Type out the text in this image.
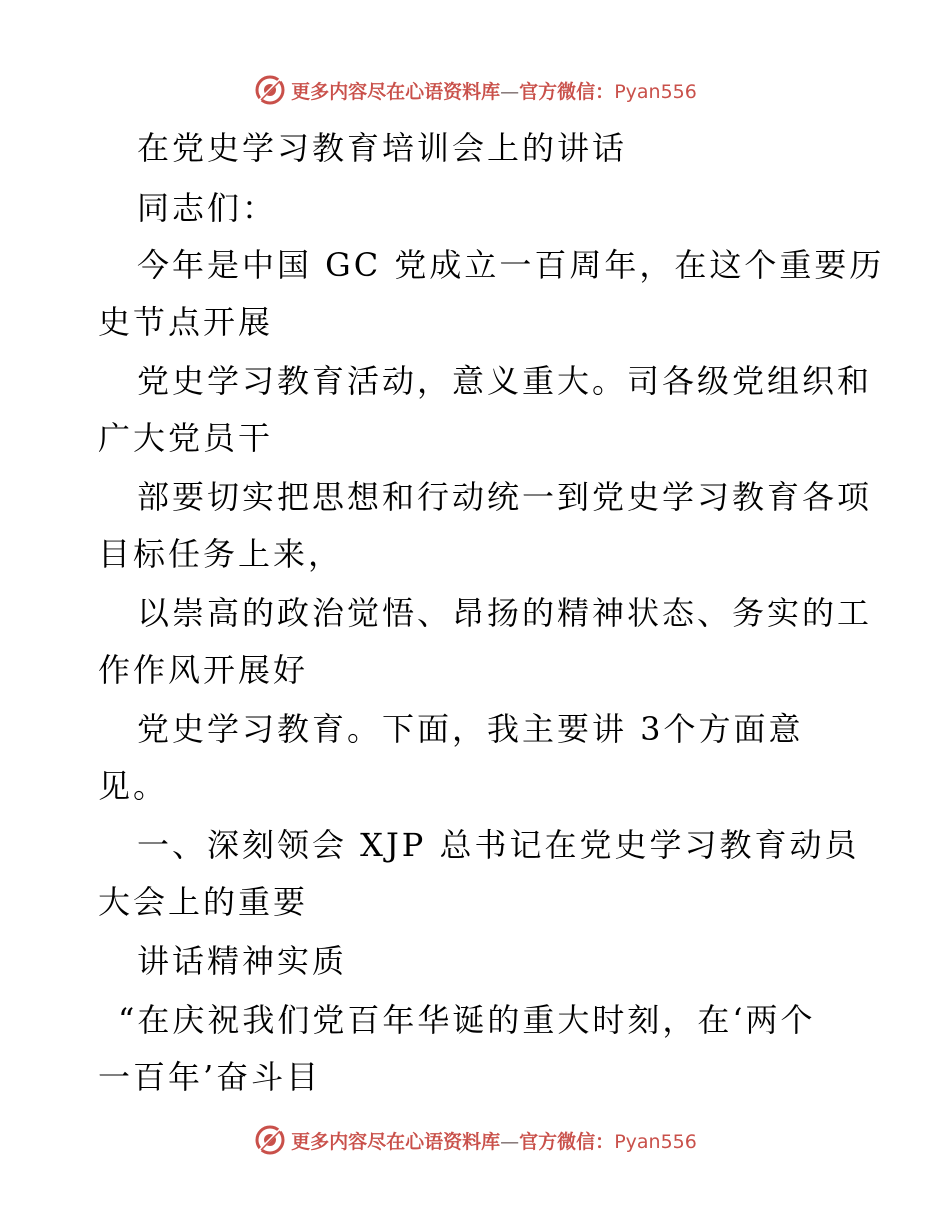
更多内容尽在心语资料库—官方微信：Pyan556
在党史学习教育培训会上的讲话
同志们：
今年是中国 GC 党成立一百周年，在这个重要历
史节点开展
党史学习教育活动，意义重大。司各级党组织和
广大党员干
部要切实把思想和行动统一到党史学习教育各项
目标任务上来，
以崇高的政治觉悟、昂扬的精神状态、务实的工
作作风开展好
党史学习教育。下面，我主要讲 3个方面意
见。
一、深刻领会 XJP 总书记在党史学习教育动员
大会上的重要
讲话精神实质
“在庆祝我们党百年华诞的重大时刻，在‘两个
一百年’奋斗目
更多内容尽在心语资料库—官方微信：Pyan556
